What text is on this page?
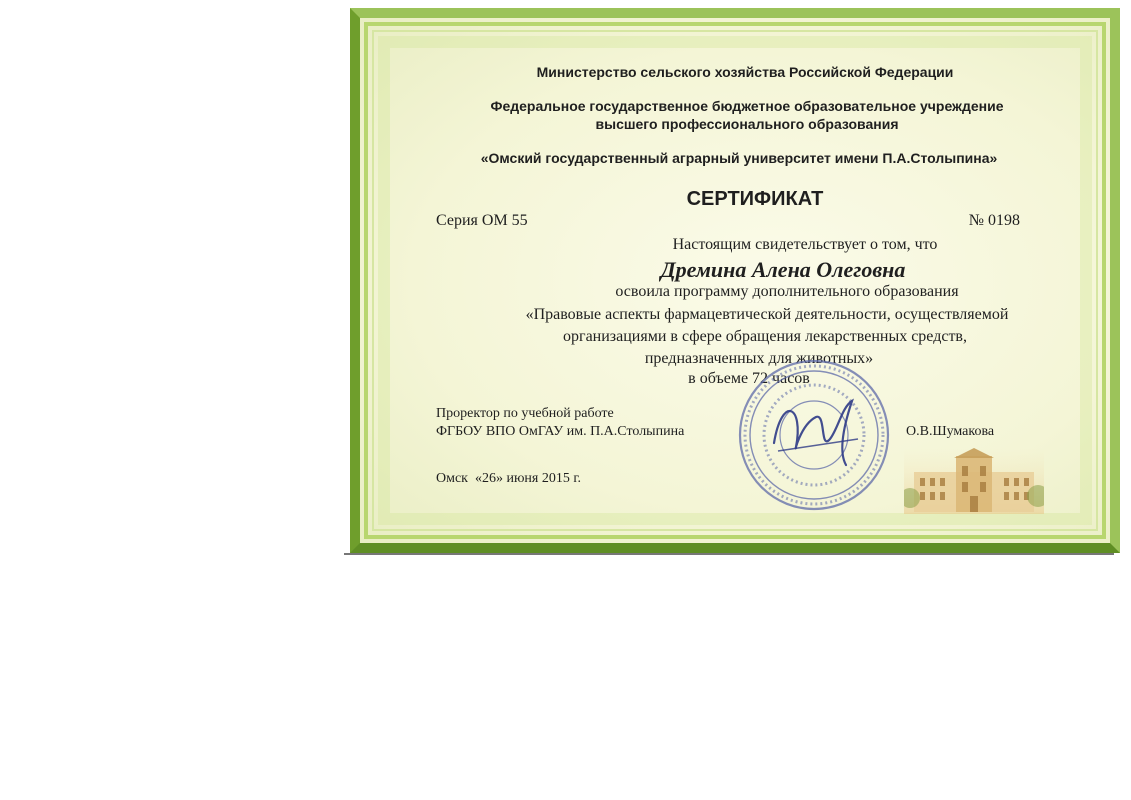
Министерство сельского хозяйства Российской Федерации
Федеральное государственное бюджетное образовательное учреждение
высшего профессионального образования
«Омский государственный аграрный университет имени П.А.Столыпина»
СЕРТИФИКАТ
Серия ОМ 55	№ 0198
Настоящим свидетельствует о том, что
Дремина Алена Олеговна
освоила программу дополнительного образования
«Правовые аспекты фармацевтической деятельности, осуществляемой
организациями в сфере обращения лекарственных средств,
предназначенных для животных»
в объеме 72 часов
Проректор по учебной работе
ФГБОУ ВПО ОмГАУ им. П.А.Столыпина	О.В.Шумакова
Омск  «26» июня 2015 г.
